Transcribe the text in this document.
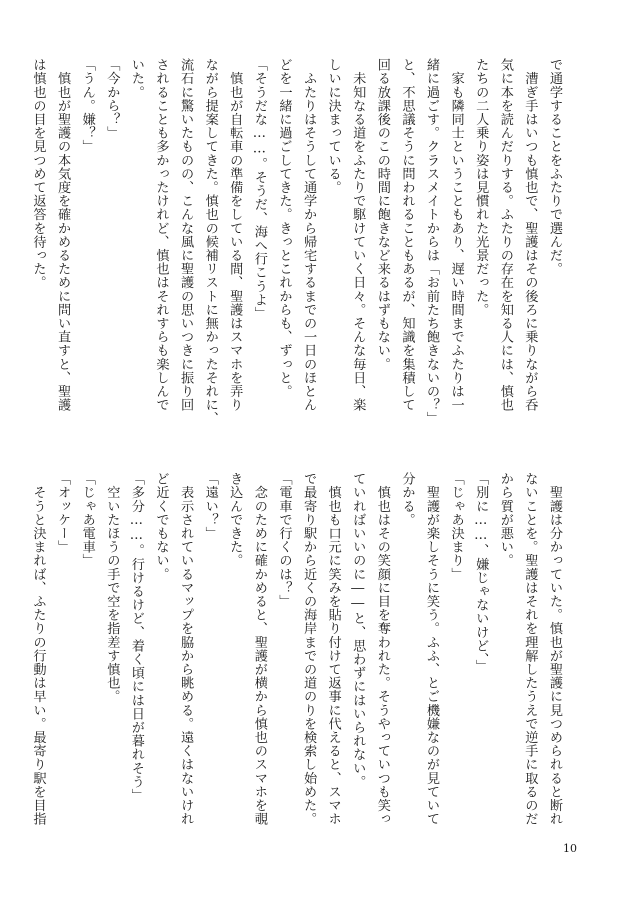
で通学することをふたりで選んだ。
　漕ぎ手はいつも慎也で、聖護はその後ろに乗りながら呑
気に本を読んだりする。ふたりの存在を知る人には、慎也
たちの二人乗り姿は見慣れた光景だった。
　家も隣同士ということもあり、遅い時間までふたりは一
緒に過ごす。クラスメイトからは「お前たち飽きないの？」
と、不思議そうに問われることもあるが、知識を集積して
回る放課後のこの時間に飽きなど来るはずもない。
　未知なる道をふたりで駆けていく日々。そんな毎日、楽
しいに決まっている。
　ふたりはそうして通学から帰宅するまでの一日のほとん
どを一緒に過ごしてきた。きっとこれからも、ずっと。
「そうだな……。そうだ、海へ行こうよ」
　慎也が自転車の準備をしている間、聖護はスマホを弄り
ながら提案してきた。慎也の候補リストに無かったそれに、
流石に驚いたものの、こんな風に聖護の思いつきに振り回
されることも多かったけれど、慎也はそれすらも楽しんで
いた。
「今から？」
「うん。嫌？」
　慎也が聖護の本気度を確かめるために問い直すと、聖護
は慎也の目を見つめて返答を待った。
　聖護は分かっていた。慎也が聖護に見つめられると断れ
ないことを。聖護はそれを理解したうえで逆手に取るのだ
から質が悪い。
「別に……、嫌じゃないけど、」
「じゃあ決まり」
　聖護が楽しそうに笑う。ふふ、とご機嫌なのが見ていて
分かる。
　慎也はその笑顔に目を奪われた。そうやっていつも笑っ
ていればいいのに――と、思わずにはいられない。
　慎也も口元に笑みを貼り付けて返事に代えると、スマホ
で最寄り駅から近くの海岸までの道のりを検索し始めた。
「電車で行くのは？」
　念のために確かめると、聖護が横から慎也のスマホを覗
き込んできた。
「遠い？」
　表示されているマップを脇から眺める。遠くはないけれ
ど近くでもない。
「多分……。行けるけど、着く頃には日が暮れそう」
　空いたほうの手で空を指差す慎也。
「じゃあ電車」
「オッケー」
　そうと決まれば、ふたりの行動は早い。最寄り駅を目指
10
